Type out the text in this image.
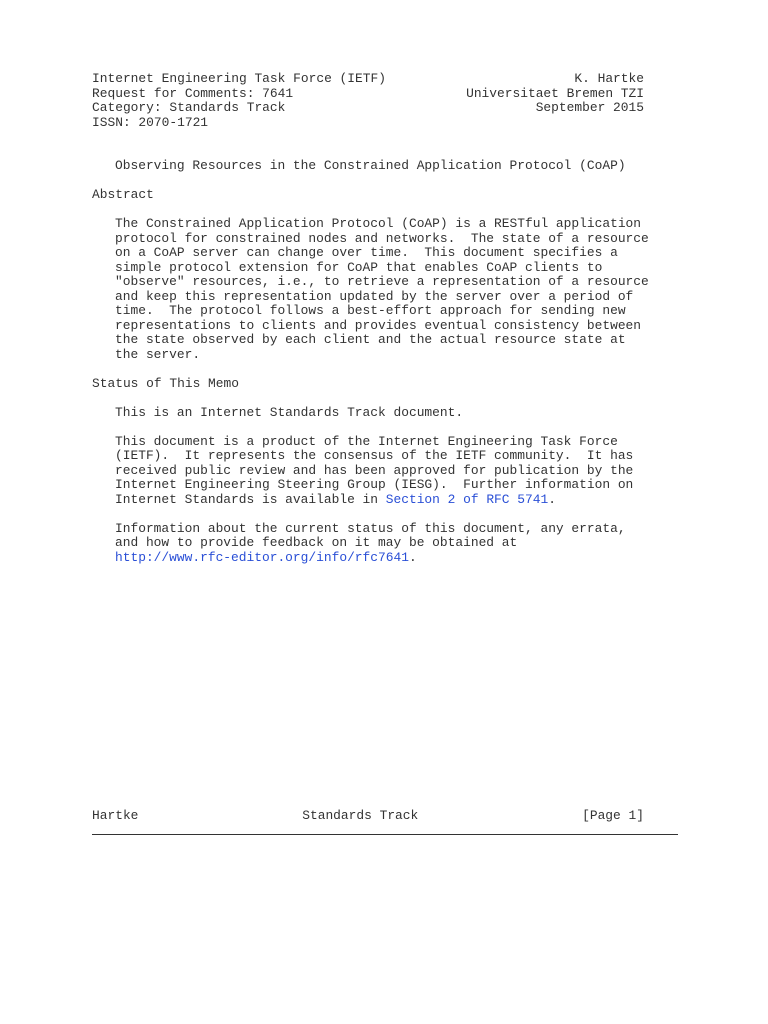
Internet Engineering Task Force (IETF)	K. Hartke
Request for Comments: 7641	Universitaet Bremen TZI
Category: Standards Track	September 2015
ISSN: 2070-1721
Observing Resources in the Constrained Application Protocol (CoAP)
Abstract
The Constrained Application Protocol (CoAP) is a RESTful application
protocol for constrained nodes and networks.  The state of a resource
on a CoAP server can change over time.  This document specifies a
simple protocol extension for CoAP that enables CoAP clients to
"observe" resources, i.e., to retrieve a representation of a resource
and keep this representation updated by the server over a period of
time.  The protocol follows a best-effort approach for sending new
representations to clients and provides eventual consistency between
the state observed by each client and the actual resource state at
the server.
Status of This Memo
This is an Internet Standards Track document.
This document is a product of the Internet Engineering Task Force
(IETF).  It represents the consensus of the IETF community.  It has
received public review and has been approved for publication by the
Internet Engineering Steering Group (IESG).  Further information on
Internet Standards is available in Section 2 of RFC 5741.
Information about the current status of this document, any errata,
and how to provide feedback on it may be obtained at
http://www.rfc-editor.org/info/rfc7641.
Hartke	Standards Track	[Page 1]
